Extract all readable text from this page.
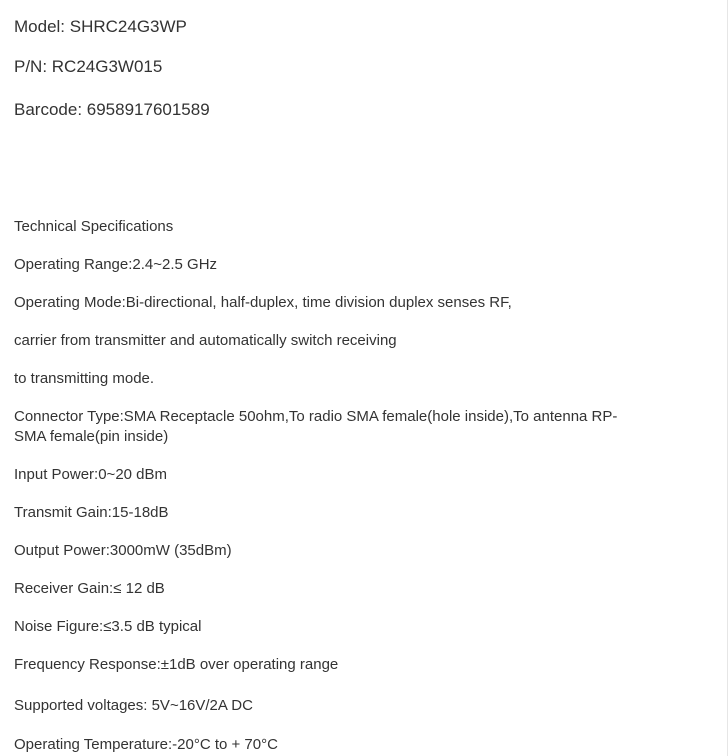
Model: SHRC24G3WP

P/N: RC24G3W015

Barcode: 6958917601589

Technical Specifications

Operating Range:2.4~2.5 GHz

Operating Mode:Bi-directional, half-duplex, time division duplex senses RF,

carrier from transmitter and automatically switch receiving

to transmitting mode.

Connector Type:SMA Receptacle 50ohm,To radio SMA female(hole inside),To antenna RP-

SMA female(pin inside)

Input Power:0~20 dBm

Transmit Gain:15-18dB

Output Power:3000mW (35dBm)

Receiver Gain:≤ 12 dB

Noise Figure:≤3.5 dB typical

Frequency Response:±1dB over operating range

Supported voltages: 5V~16V/2A DC

Operating Temperature:-20°C to + 70°C
